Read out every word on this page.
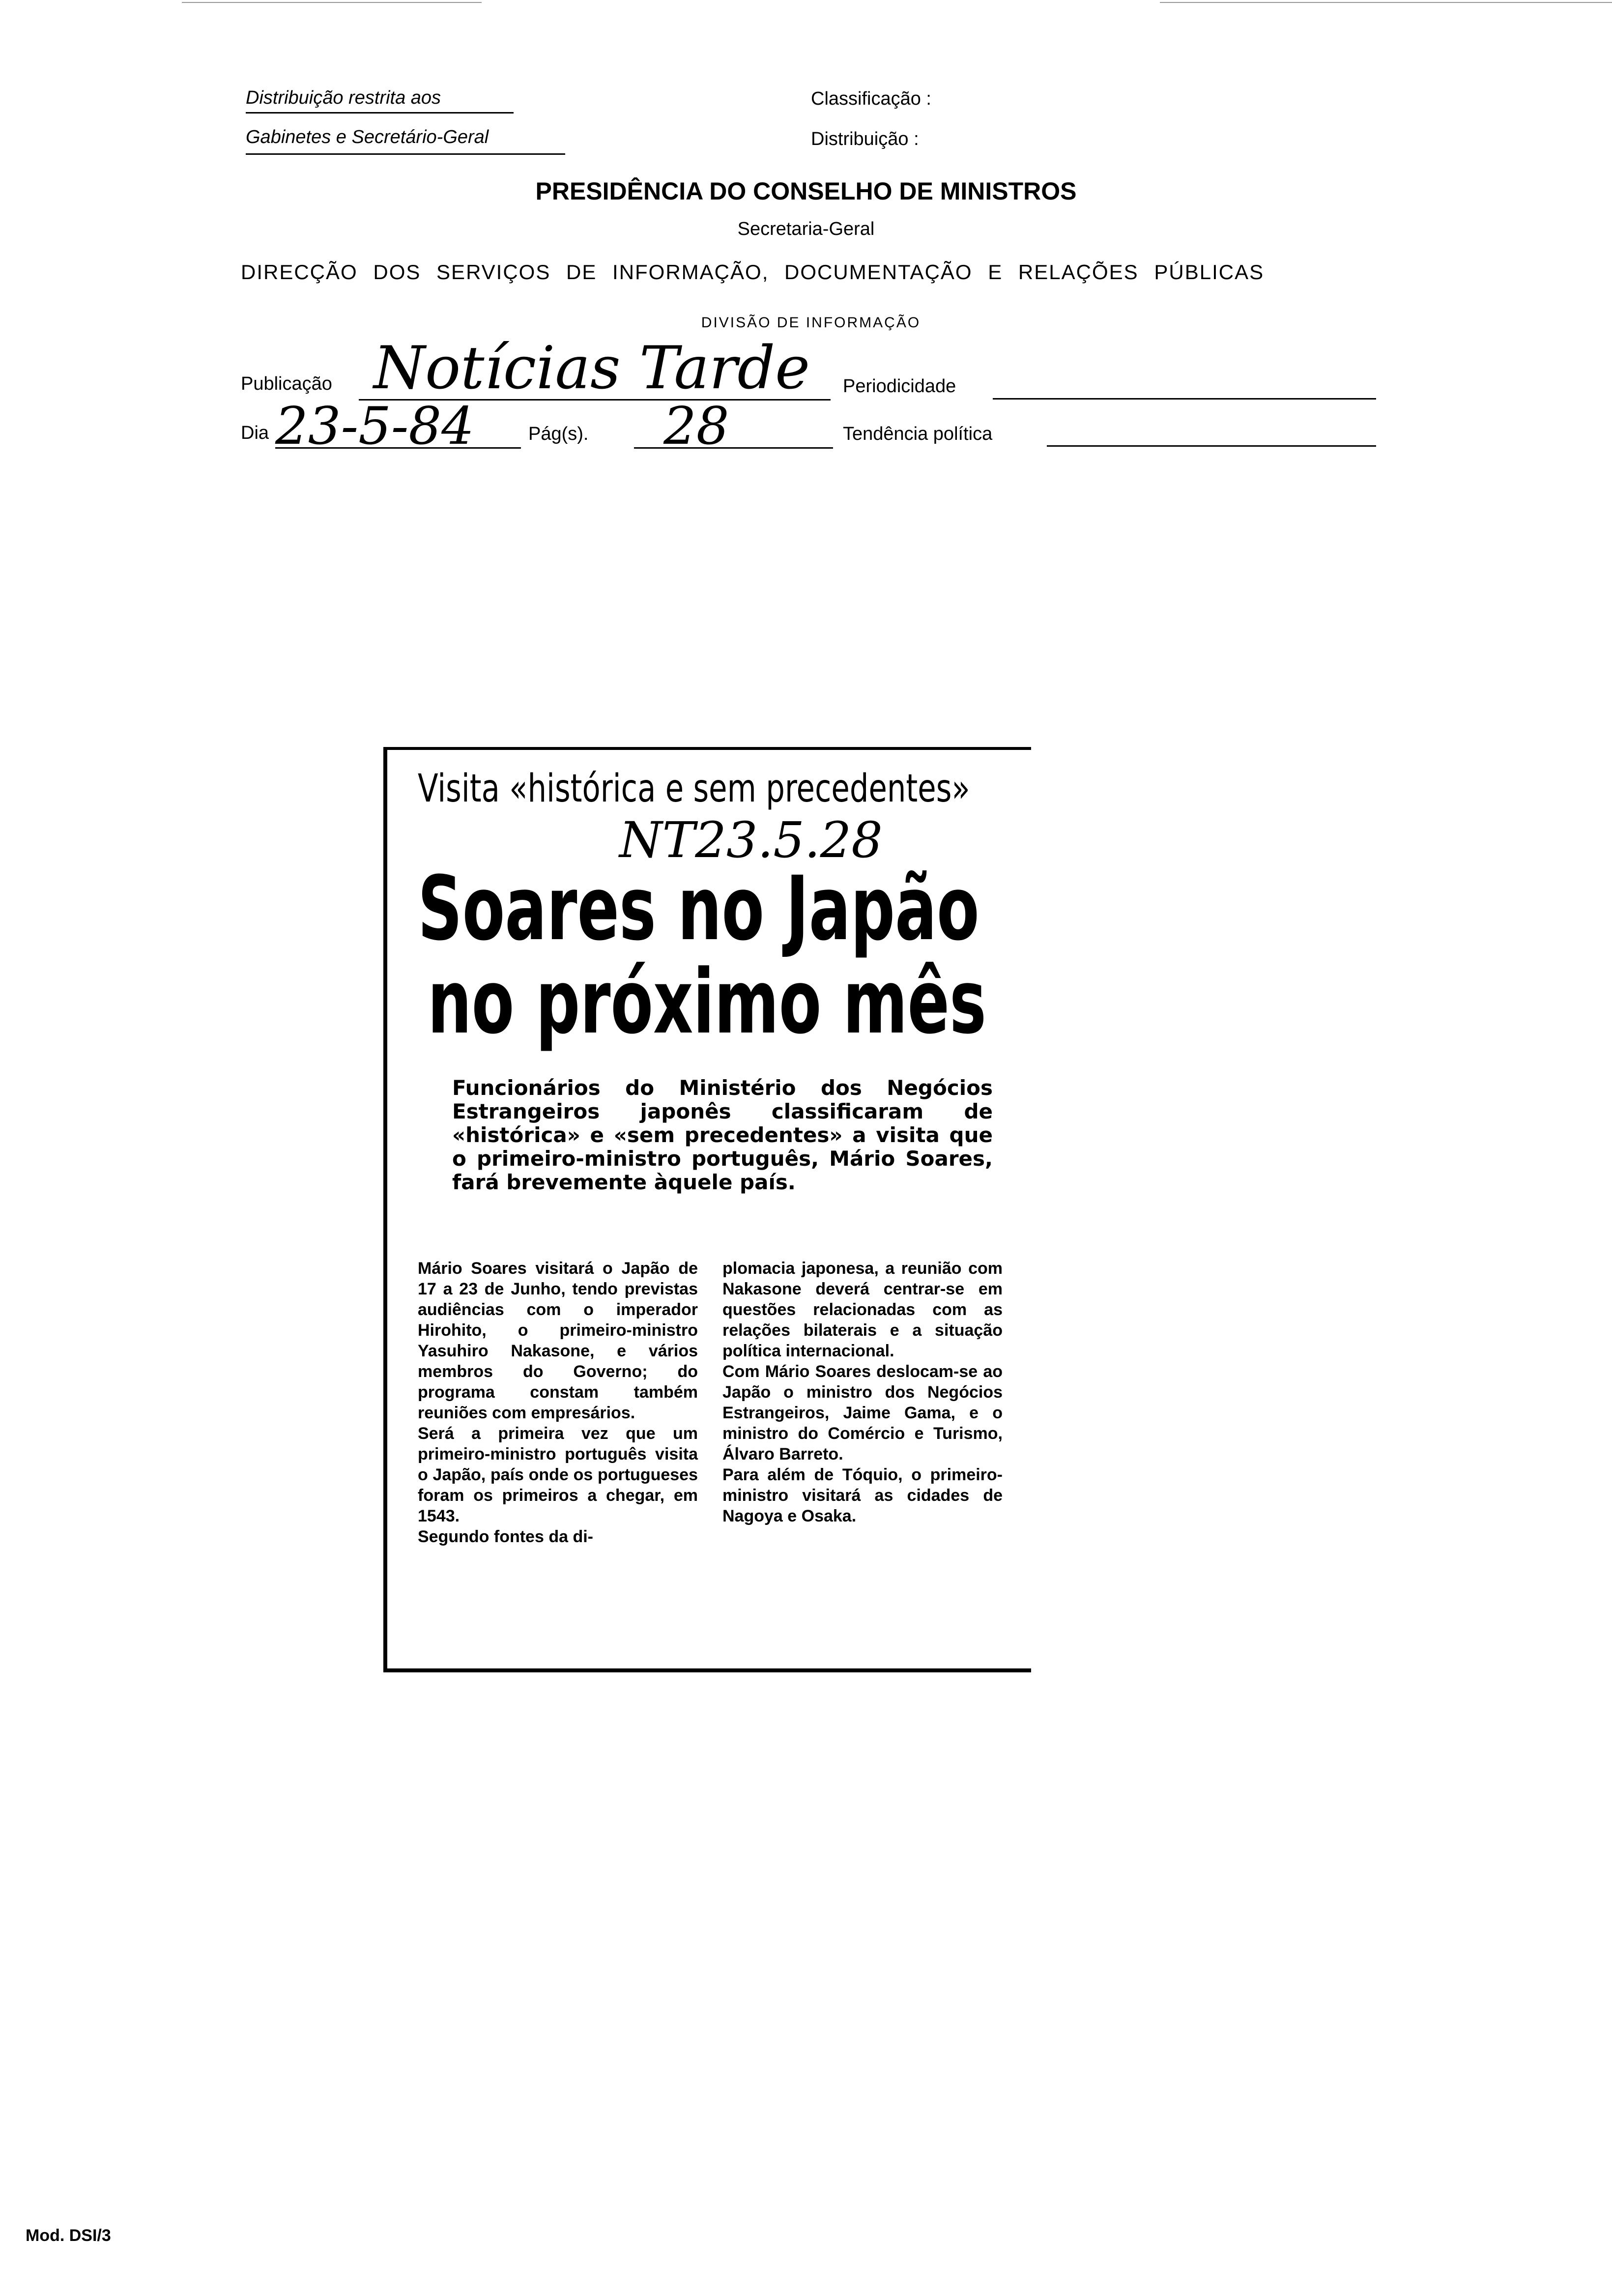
Distribuição restrita aos
Gabinetes e Secretário-Geral
Classificação :
Distribuição :
PRESIDÊNCIA DO CONSELHO DE MINISTROS
Secretaria-Geral
DIRECÇÃO DOS SERVIÇOS DE INFORMAÇÃO, DOCUMENTAÇÃO E RELAÇÕES PÚBLICAS
DIVISÃO DE INFORMAÇÃO
Publicação Notícias Tarde Periodicidade
Dia 23-5-84	Pág(s). 28	Tendência política
Visita «histórica e sem precedentes»
NT23.5.28
Soares no Japão
no próximo mês
Funcionários do Ministério dos Negócios Estrangeiros japonês classificaram de «histórica» e «sem precedentes» a visita que o primeiro-ministro português, Mário Soares, fará brevemente àquele país.
Mário Soares visitará o Japão de 17 a 23 de Junho, tendo previstas audiências com o imperador Hirohito, o primeiro-ministro Yasuhiro Nakasone, e vários membros do Governo; do programa constam também reuniões com empresários.
Será a primeira vez que um primeiro-ministro português visita o Japão, país onde os portugueses foram os primeiros a chegar, em 1543.
Segundo fontes da di-
plomacia japonesa, a reunião com Nakasone deverá centrar-se em questões relacionadas com as relações bilaterais e a situação política internacional.
Com Mário Soares deslocam-se ao Japão o ministro dos Negócios Estrangeiros, Jaime Gama, e o ministro do Comércio e Turismo, Álvaro Barreto.
Para além de Tóquio, o primeiro-ministro visitará as cidades de Nagoya e Osaka.
Mod. DSI/3
